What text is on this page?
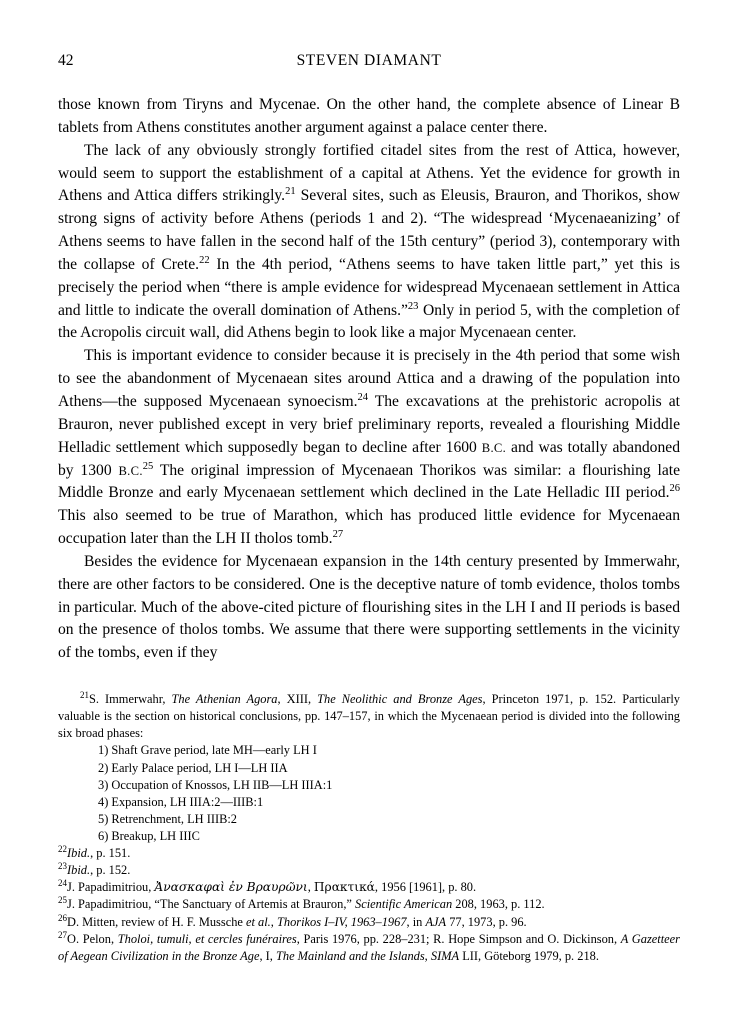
42	STEVEN DIAMANT

those known from Tiryns and Mycenae. On the other hand, the complete absence of Linear B tablets from Athens constitutes another argument against a palace center there.

The lack of any obviously strongly fortified citadel sites from the rest of Attica, however, would seem to support the establishment of a capital at Athens. Yet the evidence for growth in Athens and Attica differs strikingly.$^{21}$ Several sites, such as Eleusis, Brauron, and Thorikos, show strong signs of activity before Athens (periods 1 and 2). “The widespread ‘Mycenaeanizing’ of Athens seems to have fallen in the second half of the 15th century” (period 3), contemporary with the collapse of Crete.$^{22}$ In the 4th period, “Athens seems to have taken little part,” yet this is precisely the period when “there is ample evidence for widespread Mycenaean settlement in Attica and little to indicate the overall domination of Athens.”$^{23}$ Only in period 5, with the completion of the Acropolis circuit wall, did Athens begin to look like a major Mycenaean center.

This is important evidence to consider because it is precisely in the 4th period that some wish to see the abandonment of Mycenaean sites around Attica and a drawing of the population into Athens—the supposed Mycenaean synoecism.$^{24}$ The excavations at the prehistoric acropolis at Brauron, never published except in very brief preliminary reports, revealed a flourishing Middle Helladic settlement which supposedly began to decline after 1600 B.C. and was totally abandoned by 1300 B.C.$^{25}$ The original impression of Mycenaean Thorikos was similar: a flourishing late Middle Bronze and early Mycenaean settlement which declined in the Late Helladic III period.$^{26}$ This also seemed to be true of Marathon, which has produced little evidence for Mycenaean occupation later than the LH II tholos tomb.$^{27}$

Besides the evidence for Mycenaean expansion in the 14th century presented by Immerwahr, there are other factors to be considered. One is the deceptive nature of tomb evidence, tholos tombs in particular. Much of the above-cited picture of flourishing sites in the LH I and II periods is based on the presence of tholos tombs. We assume that there were supporting settlements in the vicinity of the tombs, even if they

$^{21}$S. Immerwahr, The Athenian Agora, XIII, The Neolithic and Bronze Ages, Princeton 1971, p. 152. Particularly valuable is the section on historical conclusions, pp. 147–157, in which the Mycenaean period is divided into the following six broad phases:

1) Shaft Grave period, late MH—early LH I

2) Early Palace period, LH I—LH IIA

3) Occupation of Knossos, LH IIB—LH IIIA:1

4) Expansion, LH IIIA:2—IIIB:1

5) Retrenchment, LH IIIB:2

6) Breakup, LH IIIC

$^{22}$Ibid., p. 151.

$^{23}$Ibid., p. 152.

$^{24}$J. Papadimitriou, Ἀνασκαφαὶ ἐν Βραυρῶνι, Πρακτικά, 1956 [1961], p. 80.

$^{25}$J. Papadimitriou, “The Sanctuary of Artemis at Brauron,” Scientific American 208, 1963, p. 112.

$^{26}$D. Mitten, review of H. F. Mussche et al., Thorikos I–IV, 1963–1967, in AJA 77, 1973, p. 96.

$^{27}$O. Pelon, Tholoi, tumuli, et cercles funéraires, Paris 1976, pp. 228–231; R. Hope Simpson and O. Dickinson, A Gazetteer of Aegean Civilization in the Bronze Age, I, The Mainland and the Islands, SIMA LII, Göteborg 1979, p. 218.
